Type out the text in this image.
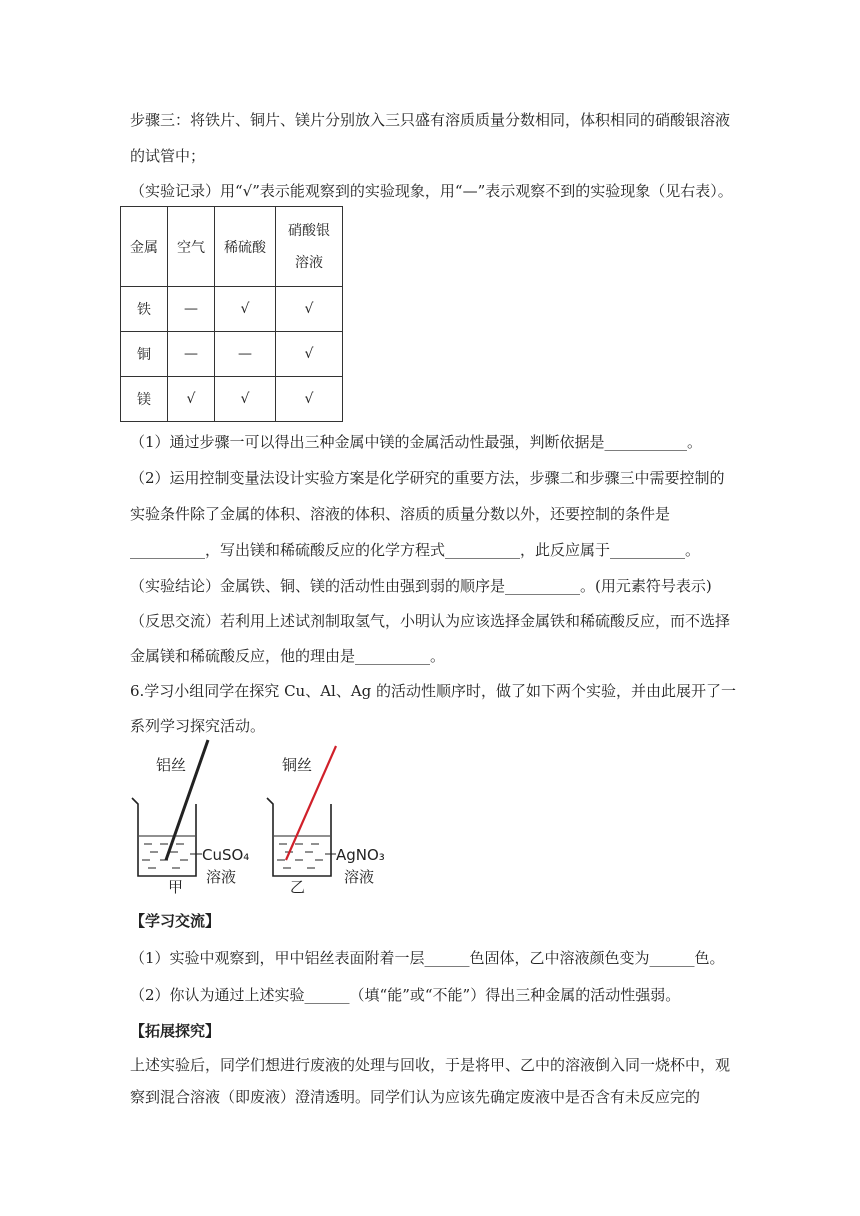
步骤三：将铁片、铜片、镁片分别放入三只盛有溶质质量分数相同，体积相同的硝酸银溶液
的试管中；
（实验记录）用“√”表示能观察到的实验现象，用“—”表示观察不到的实验现象（见右表）。
金属	空气	稀硫酸	硝酸银
溶液
铁	—	√	√
铜	—	—	√
镁	√	√	√
（1）通过步骤一可以得出三种金属中镁的金属活动性最强，判断依据是___________。
（2）运用控制变量法设计实验方案是化学研究的重要方法，步骤二和步骤三中需要控制的
实验条件除了金属的体积、溶液的体积、溶质的质量分数以外，还要控制的条件是
__________，写出镁和稀硫酸反应的化学方程式__________，此反应属于__________。
（实验结论）金属铁、铜、镁的活动性由强到弱的顺序是__________。(用元素符号表示)
（反思交流）若利用上述试剂制取氢气，小明认为应该选择金属铁和稀硫酸反应，而不选择
金属镁和稀硫酸反应，他的理由是__________。
6.学习小组同学在探究 Cu、Al、Ag 的活动性顺序时，做了如下两个实验，并由此展开了一
系列学习探究活动。
铝丝
CuSO₄
溶液
甲
铜丝
AgNO₃
溶液
乙
【学习交流】
（1）实验中观察到，甲中铝丝表面附着一层______色固体，乙中溶液颜色变为______色。
（2）你认为通过上述实验______（填“能”或“不能”）得出三种金属的活动性强弱。
【拓展探究】
上述实验后，同学们想进行废液的处理与回收，于是将甲、乙中的溶液倒入同一烧杯中，观
察到混合溶液（即废液）澄清透明。同学们认为应该先确定废液中是否含有未反应完的
